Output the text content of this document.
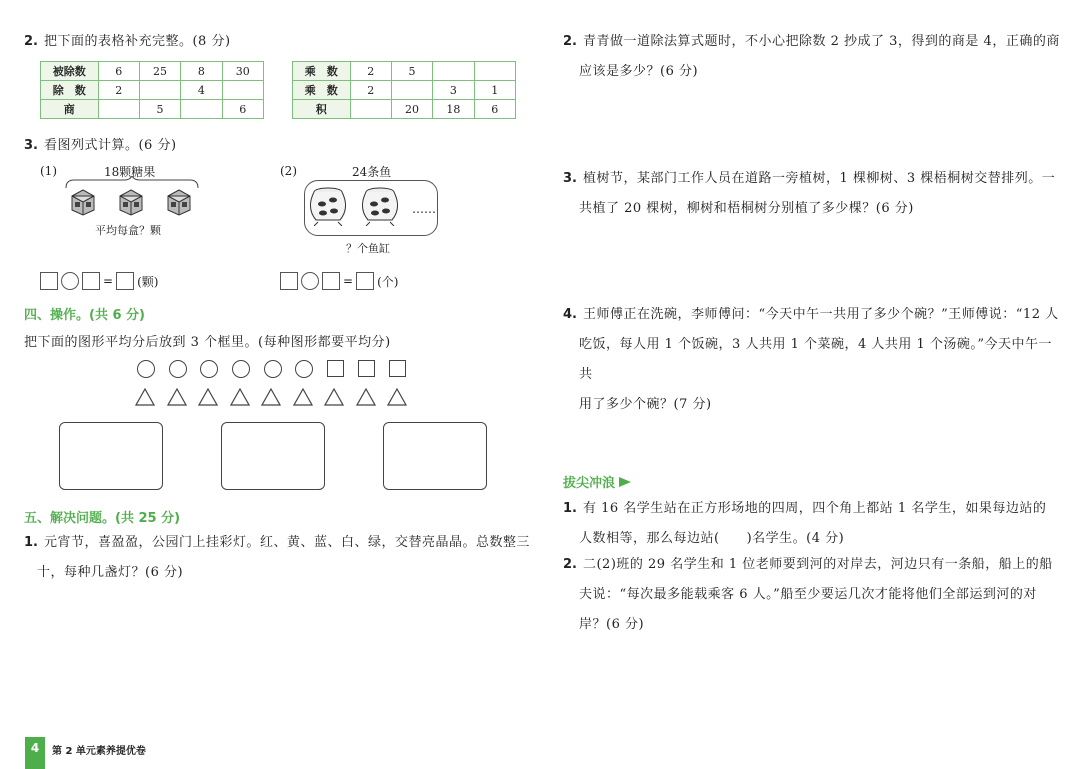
2. 把下面的表格补充完整。(8 分)
被除数	6	25	8	30
除　数	2		4	
商		5		6
乘　数	2	5		
乘　数	2		3	1
积		20	18	6
3. 看图列式计算。(6 分)
(1)	18颗糖果
平均每盒？颗
= (颗)
(2)	24条鱼
……
？个鱼缸
= (个)
四、操作。(共 6 分)
把下面的图形平均分后放到 3 个框里。(每种图形都要平均分)
五、解决问题。(共 25 分)
1. 元宵节，喜盈盈，公园门上挂彩灯。红、黄、蓝、白、绿，交替亮晶晶。总数整三
十，每种几盏灯？(6 分)
4	第 2 单元素养提优卷
2. 青青做一道除法算式题时，不小心把除数 2 抄成了 3，得到的商是 4，正确的商
应该是多少？(6 分)
3. 植树节，某部门工作人员在道路一旁植树，1 棵柳树、3 棵梧桐树交替排列。一
共植了 20 棵树，柳树和梧桐树分别植了多少棵？(6 分)
4. 王师傅正在洗碗，李师傅问：“今天中午一共用了多少个碗？”王师傅说：“12 人
吃饭，每人用 1 个饭碗，3 人共用 1 个菜碗，4 人共用 1 个汤碗。”今天中午一共
用了多少个碗？(7 分)
拔尖冲浪
1. 有 16 名学生站在正方形场地的四周，四个角上都站 1 名学生，如果每边站的
人数相等，那么每边站(　　)名学生。(4 分)
2. 二(2)班的 29 名学生和 1 位老师要到河的对岸去，河边只有一条船，船上的船
夫说：“每次最多能载乘客 6 人。”船至少要运几次才能将他们全部运到河的对
岸？(6 分)
